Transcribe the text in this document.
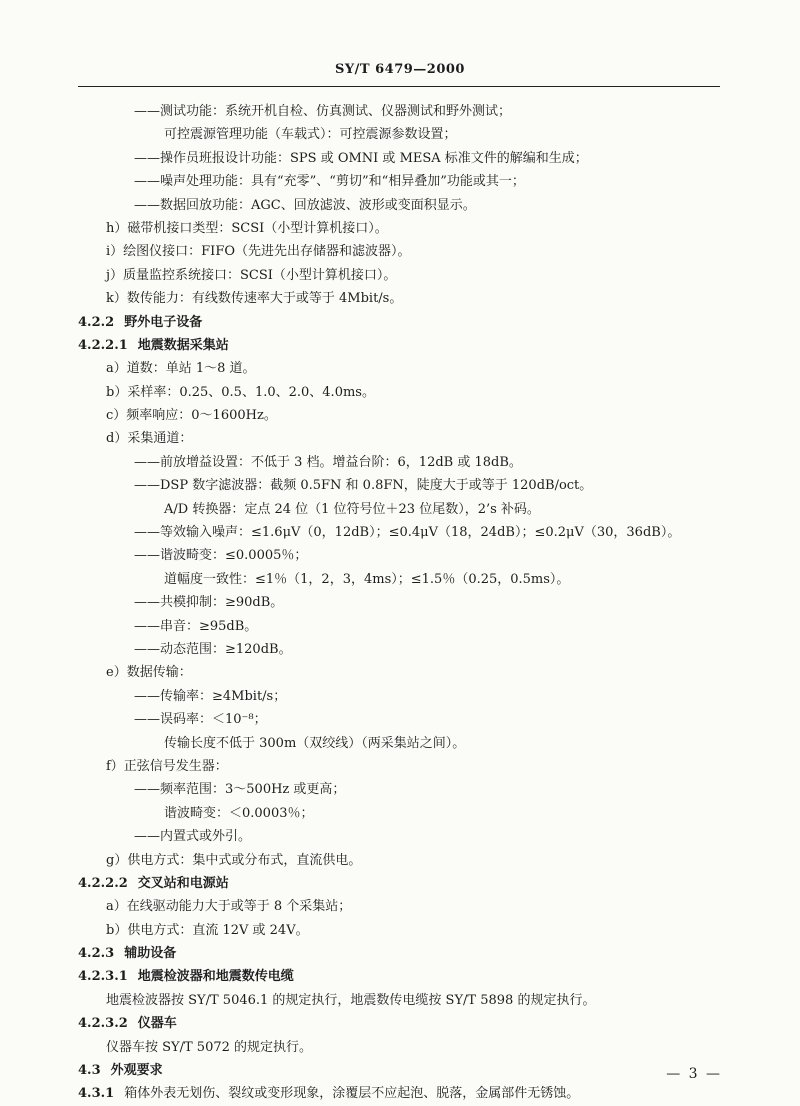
SY/T 6479—2000
——测试功能：系统开机自检、仿真测试、仪器测试和野外测试；
可控震源管理功能（车载式）：可控震源参数设置；
——操作员班报设计功能：SPS 或 OMNI 或 MESA 标准文件的解编和生成；
——噪声处理功能：具有“充零”、“剪切”和“相异叠加”功能或其一；
——数据回放功能：AGC、回放滤波、波形或变面积显示。
h）磁带机接口类型：SCSI（小型计算机接口）。
i）绘图仪接口：FIFO（先进先出存储器和滤波器）。
j）质量监控系统接口：SCSI（小型计算机接口）。
k）数传能力：有线数传速率大于或等于 4Mbit/s。
4.2.2 野外电子设备
4.2.2.1 地震数据采集站
a）道数：单站 1～8 道。
b）采样率：0.25、0.5、1.0、2.0、4.0ms。
c）频率响应：0～1600Hz。
d）采集通道：
——前放增益设置：不低于 3 档。增益台阶：6，12dB 或 18dB。
——DSP 数字滤波器：截频 0.5FN 和 0.8FN，陡度大于或等于 120dB/oct。
A/D 转换器：定点 24 位（1 位符号位＋23 位尾数），2’s 补码。
——等效输入噪声：≤1.6μV（0，12dB）；≤0.4μV（18，24dB）；≤0.2μV（30，36dB）。
——谐波畸变：≤0.0005％；
道幅度一致性：≤1％（1，2，3，4ms）；≤1.5％（0.25，0.5ms）。
——共模抑制：≥90dB。
——串音：≥95dB。
——动态范围：≥120dB。
e）数据传输：
——传输率：≥4Mbit/s；
——误码率：＜10⁻⁸；
传输长度不低于 300m（双绞线）（两采集站之间）。
f）正弦信号发生器：
——频率范围：3～500Hz 或更高；
谐波畸变：＜0.0003％；
——内置式或外引。
g）供电方式：集中式或分布式，直流供电。
4.2.2.2 交叉站和电源站
a）在线驱动能力大于或等于 8 个采集站；
b）供电方式：直流 12V 或 24V。
4.2.3 辅助设备
4.2.3.1 地震检波器和地震数传电缆
地震检波器按 SY/T 5046.1 的规定执行，地震数传电缆按 SY/T 5898 的规定执行。
4.2.3.2 仪器车
仪器车按 SY/T 5072 的规定执行。
4.3 外观要求
4.3.1 箱体外表无划伤、裂纹或变形现象，涂覆层不应起泡、脱落，金属部件无锈蚀。
— 3 —
